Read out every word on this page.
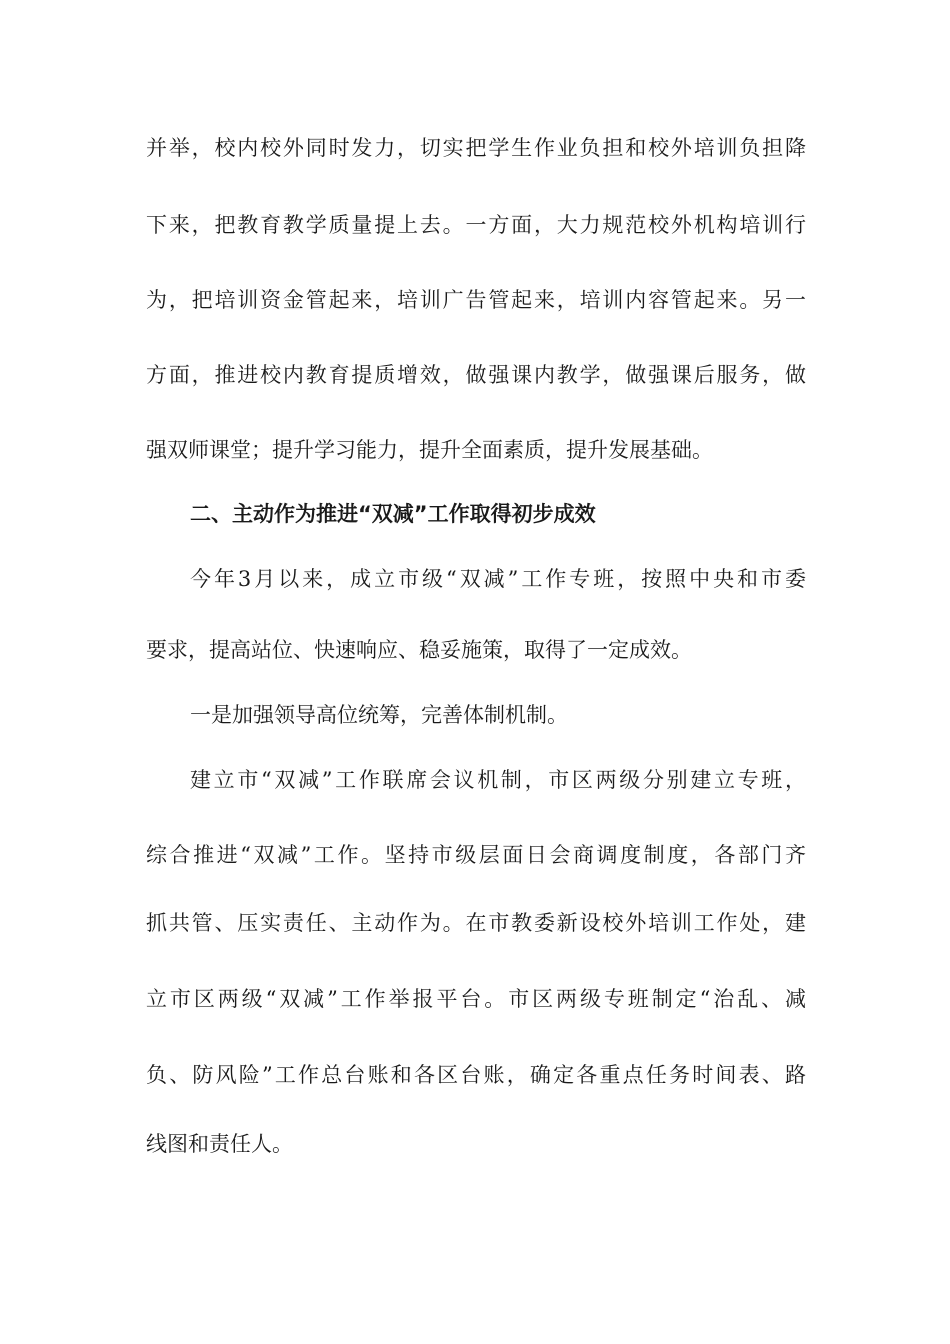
并举，校内校外同时发力，切实把学生作业负担和校外培训负担降
下来，把教育教学质量提上去。一方面，大力规范校外机构培训行
为，把培训资金管起来，培训广告管起来，培训内容管起来。另一
方面，推进校内教育提质增效，做强课内教学，做强课后服务，做
强双师课堂；提升学习能力，提升全面素质，提升发展基础。
二、主动作为推进“双减”工作取得初步成效
今年3月以来，成立市级“双减”工作专班，按照中央和市委
要求，提高站位、快速响应、稳妥施策，取得了一定成效。
一是加强领导高位统筹，完善体制机制。
建立市“双减”工作联席会议机制，市区两级分别建立专班，
综合推进“双减”工作。坚持市级层面日会商调度制度，各部门齐
抓共管、压实责任、主动作为。在市教委新设校外培训工作处，建
立市区两级“双减”工作举报平台。市区两级专班制定“治乱、减
负、防风险”工作总台账和各区台账，确定各重点任务时间表、路
线图和责任人。
